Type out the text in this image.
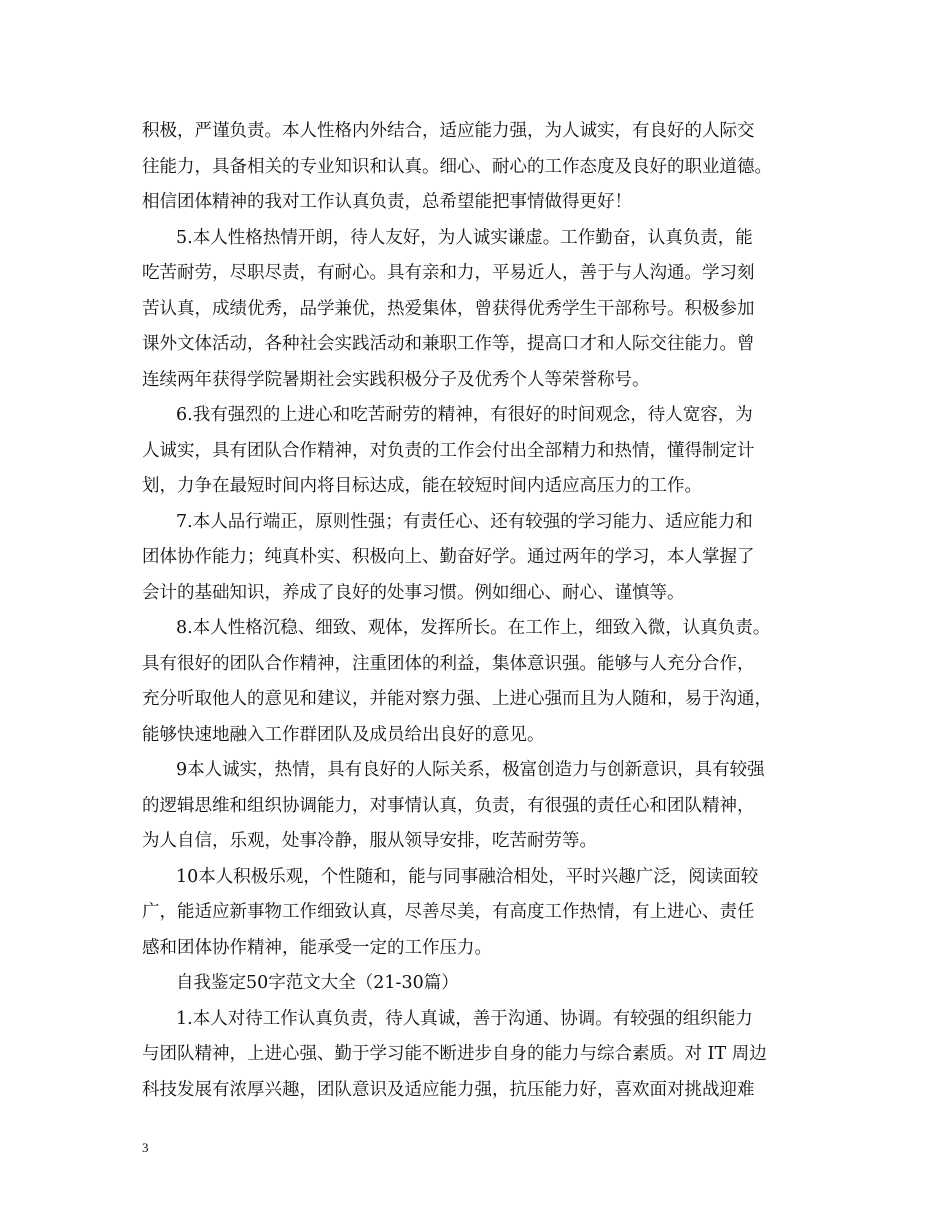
积极，严谨负责。本人性格内外结合，适应能力强，为人诚实，有良好的人际交
往能力，具备相关的专业知识和认真。细心、耐心的工作态度及良好的职业道德。
相信团体精神的我对工作认真负责，总希望能把事情做得更好！
5.本人性格热情开朗，待人友好，为人诚实谦虚。工作勤奋，认真负责，能
吃苦耐劳，尽职尽责，有耐心。具有亲和力，平易近人，善于与人沟通。学习刻
苦认真，成绩优秀，品学兼优，热爱集体，曾获得优秀学生干部称号。积极参加
课外文体活动，各种社会实践活动和兼职工作等，提高口才和人际交往能力。曾
连续两年获得学院暑期社会实践积极分子及优秀个人等荣誉称号。
6.我有强烈的上进心和吃苦耐劳的精神，有很好的时间观念，待人宽容，为
人诚实，具有团队合作精神，对负责的工作会付出全部精力和热情，懂得制定计
划，力争在最短时间内将目标达成，能在较短时间内适应高压力的工作。
7.本人品行端正，原则性强；有责任心、还有较强的学习能力、适应能力和
团体协作能力；纯真朴实、积极向上、勤奋好学。通过两年的学习，本人掌握了
会计的基础知识，养成了良好的处事习惯。例如细心、耐心、谨慎等。
8.本人性格沉稳、细致、观体，发挥所长。在工作上，细致入微，认真负责。
具有很好的团队合作精神，注重团体的利益，集体意识强。能够与人充分合作，
充分听取他人的意见和建议，并能对察力强、上进心强而且为人随和，易于沟通，
能够快速地融入工作群团队及成员给出良好的意见。
9本人诚实，热情，具有良好的人际关系，极富创造力与创新意识，具有较强
的逻辑思维和组织协调能力，对事情认真，负责，有很强的责任心和团队精神，
为人自信，乐观，处事冷静，服从领导安排，吃苦耐劳等。
10本人积极乐观，个性随和，能与同事融洽相处，平时兴趣广泛，阅读面较
广，能适应新事物工作细致认真，尽善尽美，有高度工作热情，有上进心、责任
感和团体协作精神，能承受一定的工作压力。
自我鉴定50字范文大全（21-30篇）
1.本人对待工作认真负责，待人真诚，善于沟通、协调。有较强的组织能力
与团队精神，上进心强、勤于学习能不断进步自身的能力与综合素质。对 IT 周边
科技发展有浓厚兴趣，团队意识及适应能力强，抗压能力好，喜欢面对挑战迎难
3
